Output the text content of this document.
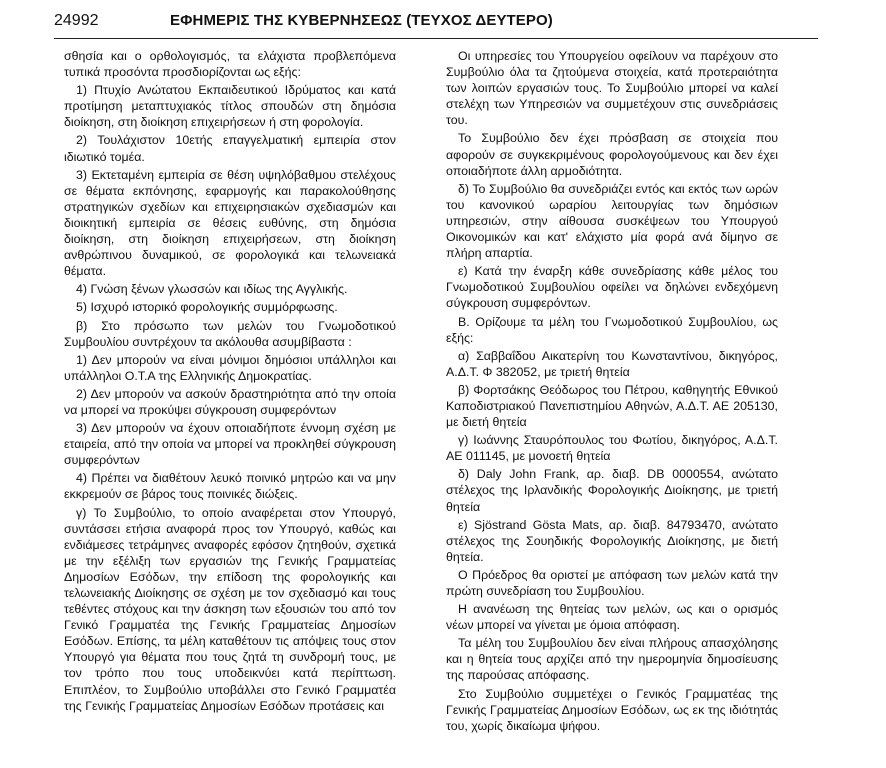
24992	ΕΦΗΜΕΡΙΣ ΤΗΣ ΚΥΒΕΡΝΗΣΕΩΣ (ΤΕΥΧΟΣ ΔΕΥΤΕΡΟ)

σθησία και ο ορθολογισμός, τα ελάχιστα προβλεπόμενα τυπικά προσόντα προσδιορίζονται ως εξής:

1) Πτυχίο Ανώτατου Εκπαιδευτικού Ιδρύματος και κατά προτίμηση μεταπτυχιακός τίτλος σπουδών στη δημόσια διοίκηση, στη διοίκηση επιχειρήσεων ή στη φορολογία.

2) Τουλάχιστον 10ετής επαγγελματική εμπειρία στον ιδιωτικό τομέα.

3) Εκτεταμένη εμπειρία σε θέση υψηλόβαθμου στελέχους σε θέματα εκπόνησης, εφαρμογής και παρακολούθησης στρατηγικών σχεδίων και επιχειρησιακών σχεδιασμών και διοικητική εμπειρία σε θέσεις ευθύνης, στη δημόσια διοίκηση, στη διοίκηση επιχειρήσεων, στη διοίκηση ανθρώπινου δυναμικού, σε φορολογικά και τελωνειακά θέματα.

4) Γνώση ξένων γλωσσών και ιδίως της Αγγλικής.

5) Ισχυρό ιστορικό φορολογικής συμμόρφωσης.

β) Στο πρόσωπο των μελών του Γνωμοδοτικού Συμβουλίου συντρέχουν τα ακόλουθα ασυμβίβαστα :

1) Δεν μπορούν να είναι μόνιμοι δημόσιοι υπάλληλοι και υπάλληλοι Ο.Τ.Α της Ελληνικής Δημοκρατίας.

2) Δεν μπορούν να ασκούν δραστηριότητα από την οποία να μπορεί να προκύψει σύγκρουση συμφερόντων

3) Δεν μπορούν να έχουν οποιαδήποτε έννομη σχέση με εταιρεία, από την οποία να μπορεί να προκληθεί σύγκρουση συμφερόντων

4) Πρέπει να διαθέτουν λευκό ποινικό μητρώο και να μην εκκρεμούν σε βάρος τους ποινικές διώξεις.

γ) Το Συμβούλιο, το οποίο αναφέρεται στον Υπουργό, συντάσσει ετήσια αναφορά προς τον Υπουργό, καθώς και ενδιάμεσες τετράμηνες αναφορές εφόσον ζητηθούν, σχετικά με την εξέλιξη των εργασιών της Γενικής Γραμματείας Δημοσίων Εσόδων, την επίδοση της φορολογικής και τελωνειακής Διοίκησης σε σχέση με τον σχεδιασμό και τους τεθέντες στόχους και την άσκηση των εξουσιών του από τον Γενικό Γραμματέα της Γενικής Γραμματείας Δημοσίων Εσόδων. Επίσης, τα μέλη καταθέτουν τις απόψεις τους στον Υπουργό για θέματα που τους ζητά τη συνδρομή τους, με τον τρόπο που τους υποδεικνύει κατά περίπτωση. Επιπλέον, το Συμβούλιο υποβάλλει στο Γενικό Γραμματέα της Γενικής Γραμματείας Δημοσίων Εσόδων προτάσεις και

Οι υπηρεσίες του Υπουργείου οφείλουν να παρέχουν στο Συμβούλιο όλα τα ζητούμενα στοιχεία, κατά προτεραιότητα των λοιπών εργασιών τους. Το Συμβούλιο μπορεί να καλεί στελέχη των Υπηρεσιών να συμμετέχουν στις συνεδριάσεις του.

Το Συμβούλιο δεν έχει πρόσβαση σε στοιχεία που αφορούν σε συγκεκριμένους φορολογούμενους και δεν έχει οποιαδήποτε άλλη αρμοδιότητα.

δ) Το Συμβούλιο θα συνεδριάζει εντός και εκτός των ωρών του κανονικού ωραρίου λειτουργίας των δημόσιων υπηρεσιών, στην αίθουσα συσκέψεων του Υπουργού Οικονομικών και κατ' ελάχιστο μία φορά ανά δίμηνο σε πλήρη απαρτία.

ε) Κατά την έναρξη κάθε συνεδρίασης κάθε μέλος του Γνωμοδοτικού Συμβουλίου οφείλει να δηλώνει ενδεχόμενη σύγκρουση συμφερόντων.

Β. Ορίζουμε τα μέλη του Γνωμοδοτικού Συμβουλίου, ως εξής:

α) Σαββαΐδου Αικατερίνη του Κωνσταντίνου, δικηγόρος, Α.Δ.Τ. Φ 382052, με τριετή θητεία

β) Φορτσάκης Θεόδωρος του Πέτρου, καθηγητής Εθνικού Καποδιστριακού Πανεπιστημίου Αθηνών, Α.Δ.Τ. ΑΕ 205130, με διετή θητεία

γ) Ιωάννης Σταυρόπουλος του Φωτίου, δικηγόρος, Α.Δ.Τ. ΑΕ 011145, με μονοετή θητεία

δ) Daly John Frank, αρ. διαβ. DB 0000554, ανώτατο στέλεχος της Ιρλανδικής Φορολογικής Διοίκησης, με τριετή θητεία

ε) Sjöstrand Gösta Mats, αρ. διαβ. 84793470, ανώτατο στέλεχος της Σουηδικής Φορολογικής Διοίκησης, με διετή θητεία.

Ο Πρόεδρος θα οριστεί με απόφαση των μελών κατά την πρώτη συνεδρίαση του Συμβουλίου.

Η ανανέωση της θητείας των μελών, ως και ο ορισμός νέων μπορεί να γίνεται με όμοια απόφαση.

Τα μέλη του Συμβουλίου δεν είναι πλήρους απασχόλησης και η θητεία τους αρχίζει από την ημερομηνία δημοσίευσης της παρούσας απόφασης.

Στο Συμβούλιο συμμετέχει ο Γενικός Γραμματέας της Γενικής Γραμματείας Δημοσίων Εσόδων, ως εκ της ιδιότητάς του, χωρίς δικαίωμα ψήφου.
